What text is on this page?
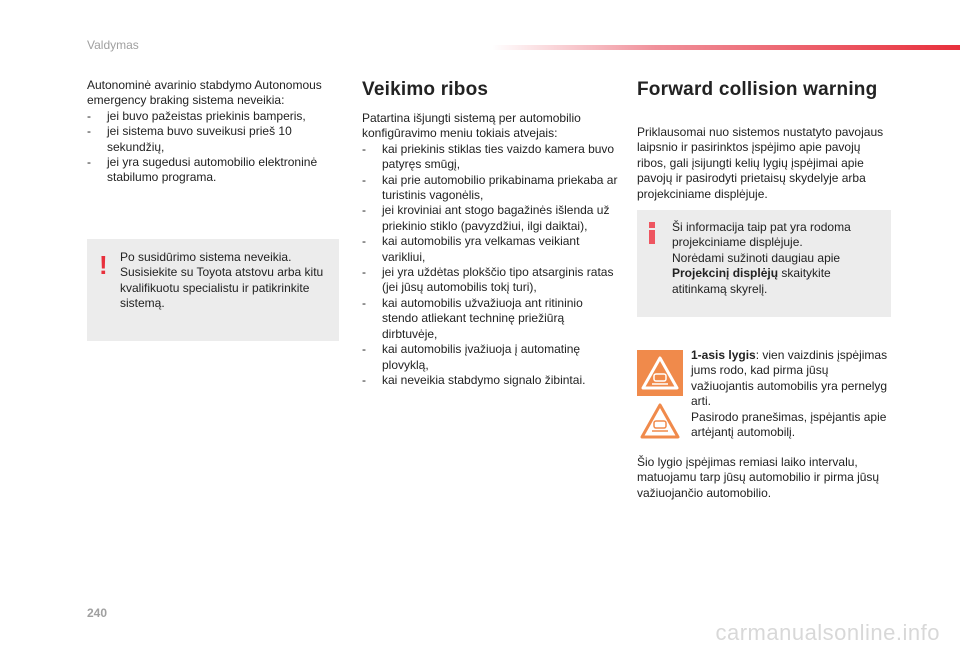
Valdymas

Autonominė avarinio stabdymo Autonomous emergency braking sistema neveikia:

- jei buvo pažeistas priekinis bamperis,
- jei sistema buvo suveikusi prieš 10 sekundžių,
- jei yra sugedusi automobilio elektroninė stabilumo programa.
! Po susidūrimo sistema neveikia. Susisiekite su Toyota atstovu arba kitu kvalifikuotu specialistu ir patikrinkite sistemą.

Veikimo ribos

Patartina išjungti sistemą per automobilio konfigūravimo meniu tokiais atvejais:

- kai priekinis stiklas ties vaizdo kamera buvo patyręs smūgį,
- kai prie automobilio prikabinama priekaba ar turistinis vagonėlis,
- jei kroviniai ant stogo bagažinės išlenda už priekinio stiklo (pavyzdžiui, ilgi daiktai),
- kai automobilis yra velkamas veikiant varikliui,
- jei yra uždėtas plokščio tipo atsarginis ratas (jei jūsų automobilis tokį turi),
- kai automobilis užvažiuoja ant ritininio stendo atliekant techninę priežiūrą dirbtuvėje,
- kai automobilis įvažiuoja į automatinę plovyklą,
- kai neveikia stabdymo signalo žibintai.
Forward collision warning

Priklausomai nuo sistemos nustatyto pavojaus laipsnio ir pasirinktos įspėjimo apie pavojų ribos, gali įsijungti kelių lygių įspėjimai apie pavojų ir pasirodyti prietaisų skydelyje arba projekciniame displėjuje.

Ši informacija taip pat yra rodoma projekciniame displėjuje.

Norėdami sužinoti daugiau apie Projekcinį displėjų skaitykite atitinkamą skyrelį.

1-asis lygis: vien vaizdinis įspėjimas jums rodo, kad pirma jūsų važiuojantis automobilis yra pernelyg arti.

Pasirodo pranešimas, įspėjantis apie artėjantį automobilį.

Šio lygio įspėjimas remiasi laiko intervalu, matuojamu tarp jūsų automobilio ir pirma jūsų važiuojančio automobilio.

240
carmanualsonline.info
